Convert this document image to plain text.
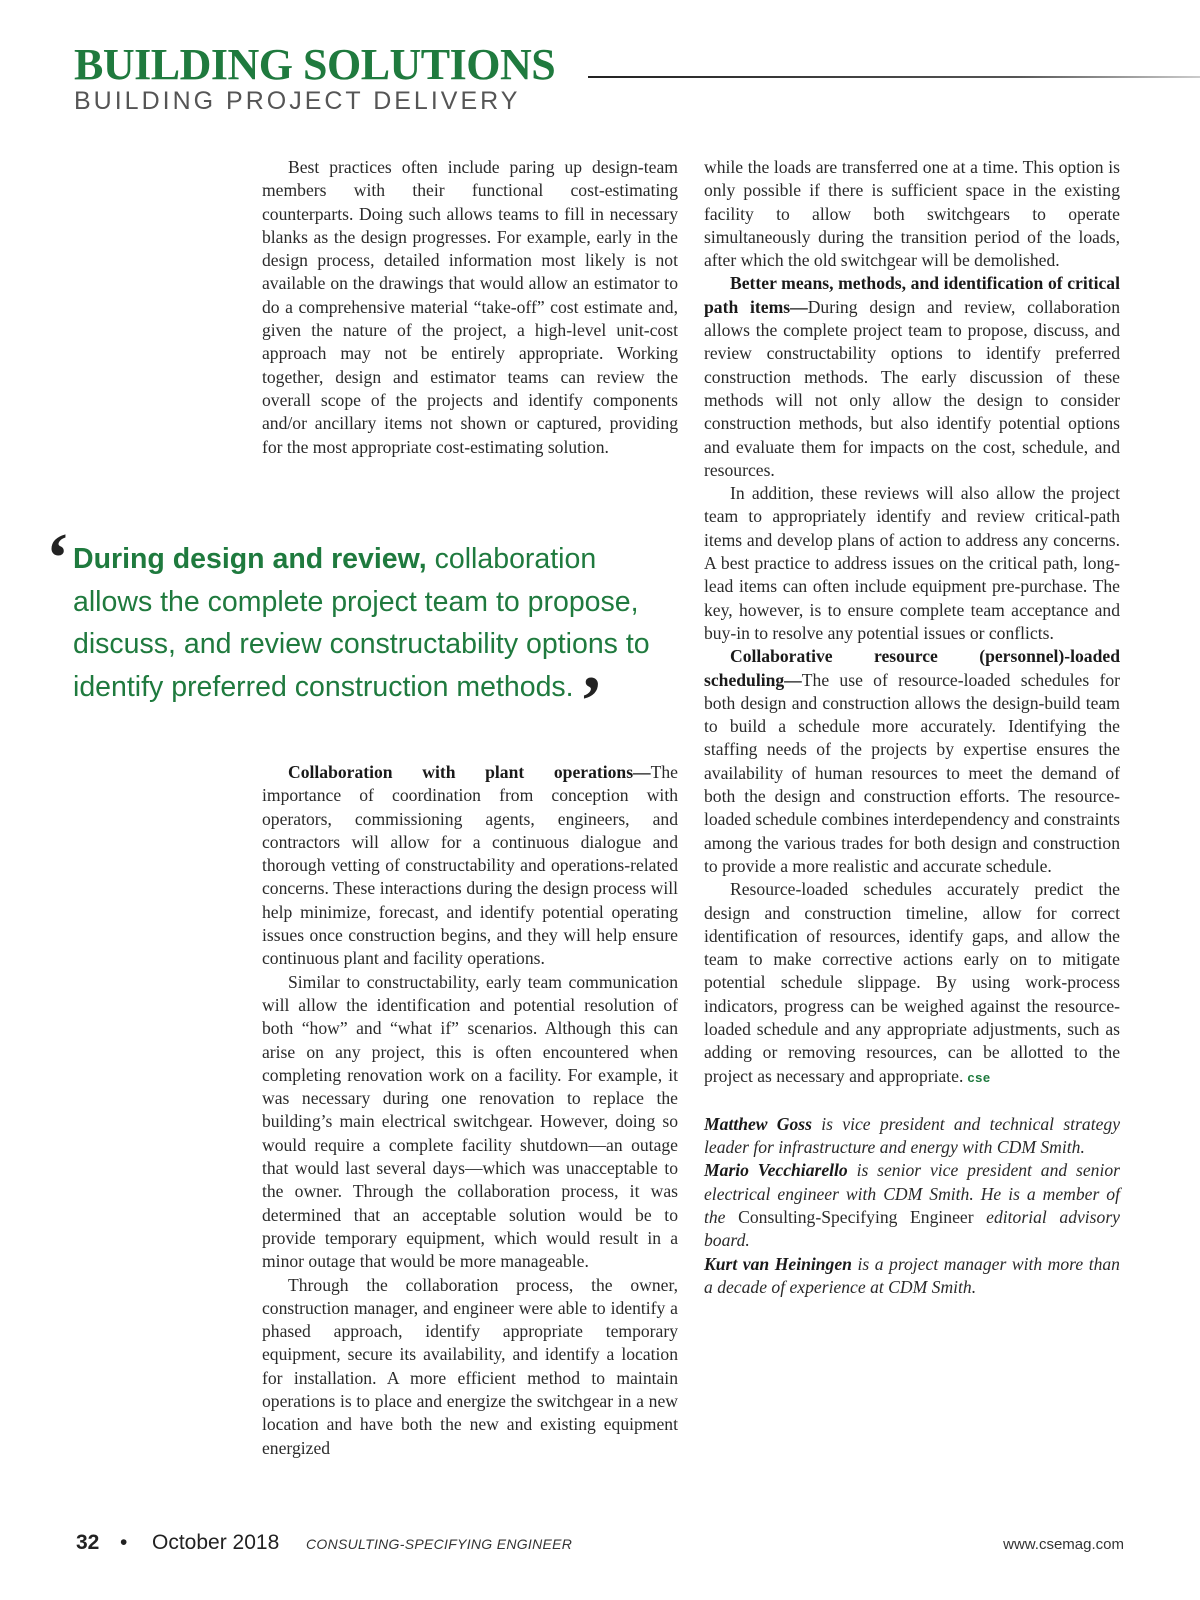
BUILDING SOLUTIONS
BUILDING PROJECT DELIVERY

Best practices often include paring up design-team members with their functional cost-estimating counterparts. Doing such allows teams to fill in necessary blanks as the design progresses. For example, early in the design process, detailed information most likely is not available on the drawings that would allow an estimator to do a comprehensive material “take-off” cost estimate and, given the nature of the project, a high-level unit-cost approach may not be entirely appropriate. Working together, design and estimator teams can review the overall scope of the projects and identify components and/or ancillary items not shown or captured, providing for the most appropriate cost-estimating solution.

‘ During design and review, collaboration allows the complete project team to propose, discuss, and review constructability options to identify preferred construction methods.’

Collaboration with plant operations—The importance of coordination from conception with operators, commissioning agents, engineers, and contractors will allow for a continuous dialogue and thorough vetting of constructability and operations-related concerns. These interactions during the design process will help minimize, forecast, and identify potential operating issues once construction begins, and they will help ensure continuous plant and facility operations.

Similar to constructability, early team communication will allow the identification and potential resolution of both “how” and “what if” scenarios. Although this can arise on any project, this is often encountered when completing renovation work on a facility. For example, it was necessary during one renovation to replace the building’s main electrical switchgear. However, doing so would require a complete facility shutdown—an outage that would last several days—which was unacceptable to the owner. Through the collaboration process, it was determined that an acceptable solution would be to provide temporary equipment, which would result in a minor outage that would be more manageable.

Through the collaboration process, the owner, construction manager, and engineer were able to identify a phased approach, identify appropriate temporary equipment, secure its availability, and identify a location for installation. A more efficient method to maintain operations is to place and energize the switchgear in a new location and have both the new and existing equipment energized

while the loads are transferred one at a time. This option is only possible if there is sufficient space in the existing facility to allow both switchgears to operate simultaneously during the transition period of the loads, after which the old switchgear will be demolished.

Better means, methods, and identification of critical path items—During design and review, collaboration allows the complete project team to propose, discuss, and review constructability options to identify preferred construction methods. The early discussion of these methods will not only allow the design to consider construction methods, but also identify potential options and evaluate them for impacts on the cost, schedule, and resources.

In addition, these reviews will also allow the project team to appropriately identify and review critical-path items and develop plans of action to address any concerns. A best practice to address issues on the critical path, long-lead items can often include equipment pre-purchase. The key, however, is to ensure complete team acceptance and buy-in to resolve any potential issues or conflicts.

Collaborative resource (personnel)-loaded scheduling—The use of resource-loaded schedules for both design and construction allows the design-build team to build a schedule more accurately. Identifying the staffing needs of the projects by expertise ensures the availability of human resources to meet the demand of both the design and construction efforts. The resource-loaded schedule combines interdependency and constraints among the various trades for both design and construction to provide a more realistic and accurate schedule.

Resource-loaded schedules accurately predict the design and construction timeline, allow for correct identification of resources, identify gaps, and allow the team to make corrective actions early on to mitigate potential schedule slippage. By using work-process indicators, progress can be weighed against the resource-loaded schedule and any appropriate adjustments, such as adding or removing resources, can be allotted to the project as necessary and appropriate. cse

Matthew Goss is vice president and technical strategy leader for infrastructure and energy with CDM Smith.

Mario Vecchiarello is senior vice president and senior electrical engineer with CDM Smith. He is a member of the Consulting-Specifying Engineer editorial advisory board.

Kurt van Heiningen is a project manager with more than a decade of experience at CDM Smith.

32 • October 2018 CONSULTING-SPECIFYING ENGINEER	www.csemag.com
